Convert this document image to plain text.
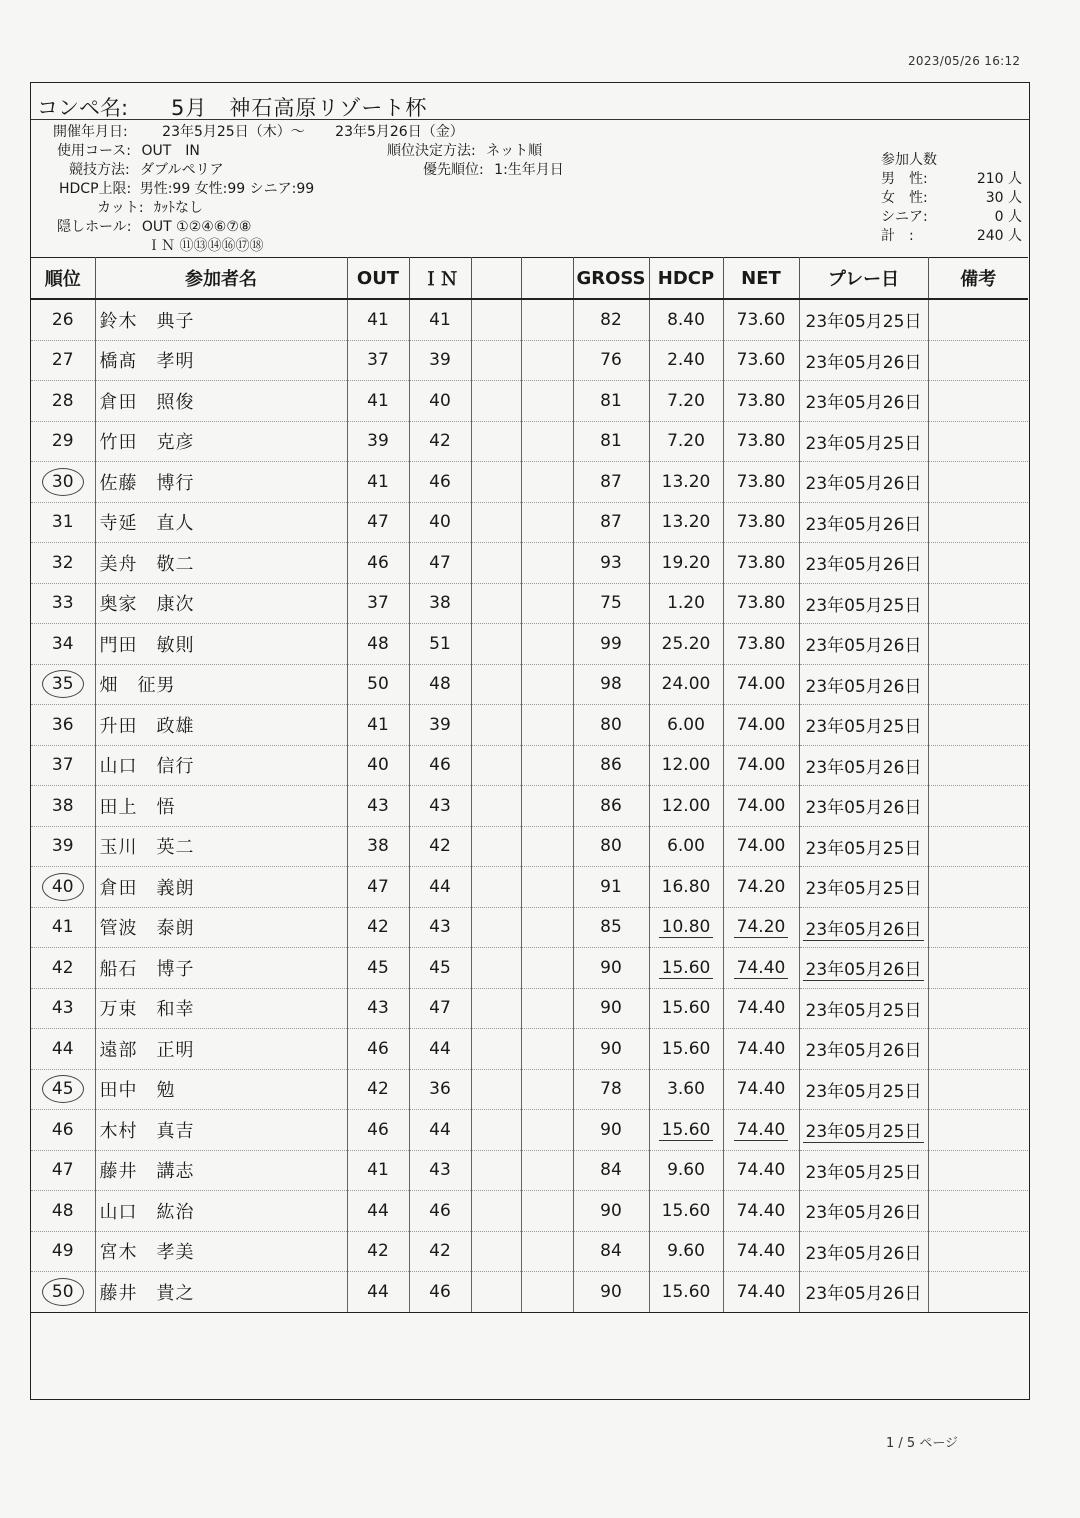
2023/05/26 16:12
コンペ名: 5月　神石高原リゾート杯
開催年月日: 23年5月25日（木）～ 23年5月26日（金）
使用コース: OUT　IN	順位決定方法: ネット順
競技方法: ダブルペリア	優先順位: 1:生年月日
HDCP上限: 男性:99 女性:99 シニア:99
カット: ｶｯﾄなし
隠しホール: OUT ①②④⑥⑦⑧
ＩＮ ⑪⑬⑭⑯⑰⑱
参加人数
男　性:	210 人
女　性:	30 人
シニア:	0 人
計　:	240 人
順位	参加者名	OUT	ＩＮ			GROSS	HDCP	NET	プレー日	備考
26	鈴木　典子	41	41			82	8.40	73.60	23年05月25日	
27	橋髙　孝明	37	39			76	2.40	73.60	23年05月26日	
28	倉田　照俊	41	40			81	7.20	73.80	23年05月26日	
29	竹田　克彦	39	42			81	7.20	73.80	23年05月25日	
30	佐藤　博行	41	46			87	13.20	73.80	23年05月26日	
31	寺延　直人	47	40			87	13.20	73.80	23年05月26日	
32	美舟　敬二	46	47			93	19.20	73.80	23年05月26日	
33	奥家　康次	37	38			75	1.20	73.80	23年05月25日	
34	門田　敏則	48	51			99	25.20	73.80	23年05月26日	
35	畑　征男	50	48			98	24.00	74.00	23年05月26日	
36	升田　政雄	41	39			80	6.00	74.00	23年05月25日	
37	山口　信行	40	46			86	12.00	74.00	23年05月26日	
38	田上　悟	43	43			86	12.00	74.00	23年05月26日	
39	玉川　英二	38	42			80	6.00	74.00	23年05月25日	
40	倉田　義朗	47	44			91	16.80	74.20	23年05月25日	
41	管波　泰朗	42	43			85	10.80	74.20	23年05月26日	
42	船石　博子	45	45			90	15.60	74.40	23年05月26日	
43	万束　和幸	43	47			90	15.60	74.40	23年05月25日	
44	遠部　正明	46	44			90	15.60	74.40	23年05月26日	
45	田中　勉	42	36			78	3.60	74.40	23年05月25日	
46	木村　真吉	46	44			90	15.60	74.40	23年05月25日	
47	藤井　講志	41	43			84	9.60	74.40	23年05月25日	
48	山口　紘治	44	46			90	15.60	74.40	23年05月26日	
49	宮木　孝美	42	42			84	9.60	74.40	23年05月26日	
50	藤井　貴之	44	46			90	15.60	74.40	23年05月26日	
1 / 5 ページ
